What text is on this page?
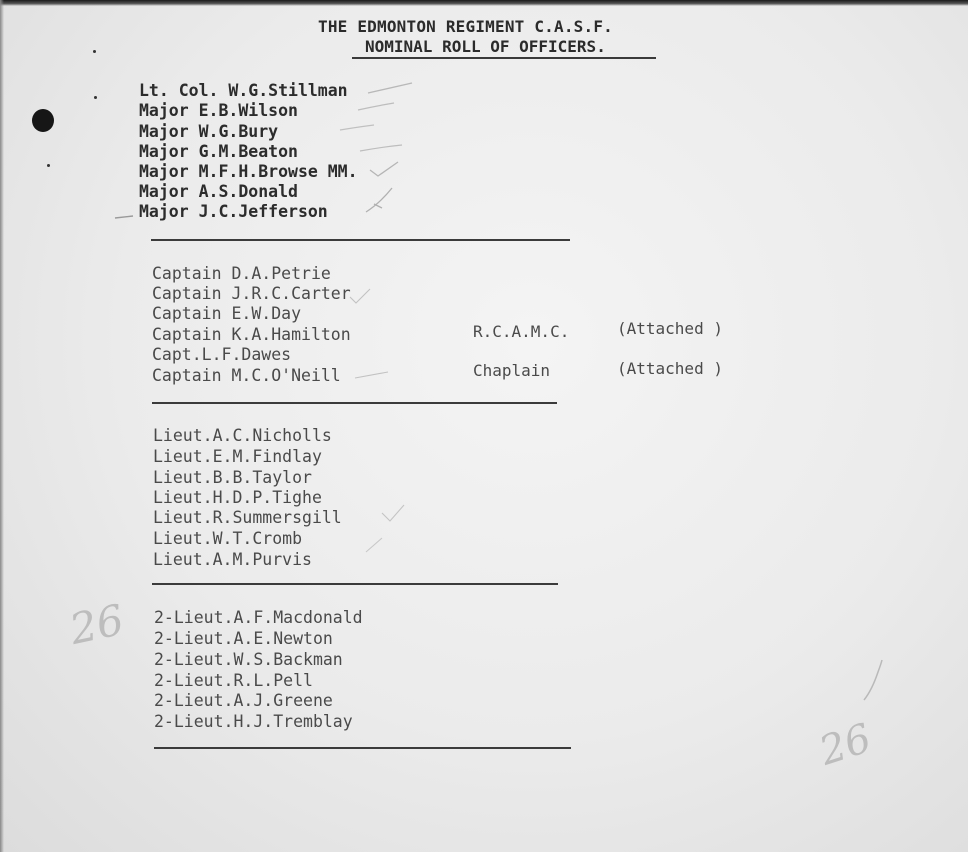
THE EDMONTON REGIMENT C.A.S.F.
NOMINAL ROLL OF OFFICERS.
Lt. Col. W.G.Stillman
Major E.B.Wilson
Major W.G.Bury
Major G.M.Beaton
Major M.F.H.Browse MM.
Major A.S.Donald
Major J.C.Jefferson
Captain D.A.Petrie
Captain J.R.C.Carter
Captain E.W.Day
Captain K.A.Hamilton	R.C.A.M.C.	(Attached )
Capt.L.F.Dawes
Captain M.C.O'Neill	Chaplain	(Attached )
Lieut.A.C.Nicholls
Lieut.E.M.Findlay
Lieut.B.B.Taylor
Lieut.H.D.P.Tighe
Lieut.R.Summersgill
Lieut.W.T.Cromb
Lieut.A.M.Purvis
2-Lieut.A.F.Macdonald
2-Lieut.A.E.Newton
2-Lieut.W.S.Backman
2-Lieut.R.L.Pell
2-Lieut.A.J.Greene
2-Lieut.H.J.Tremblay
26
26
